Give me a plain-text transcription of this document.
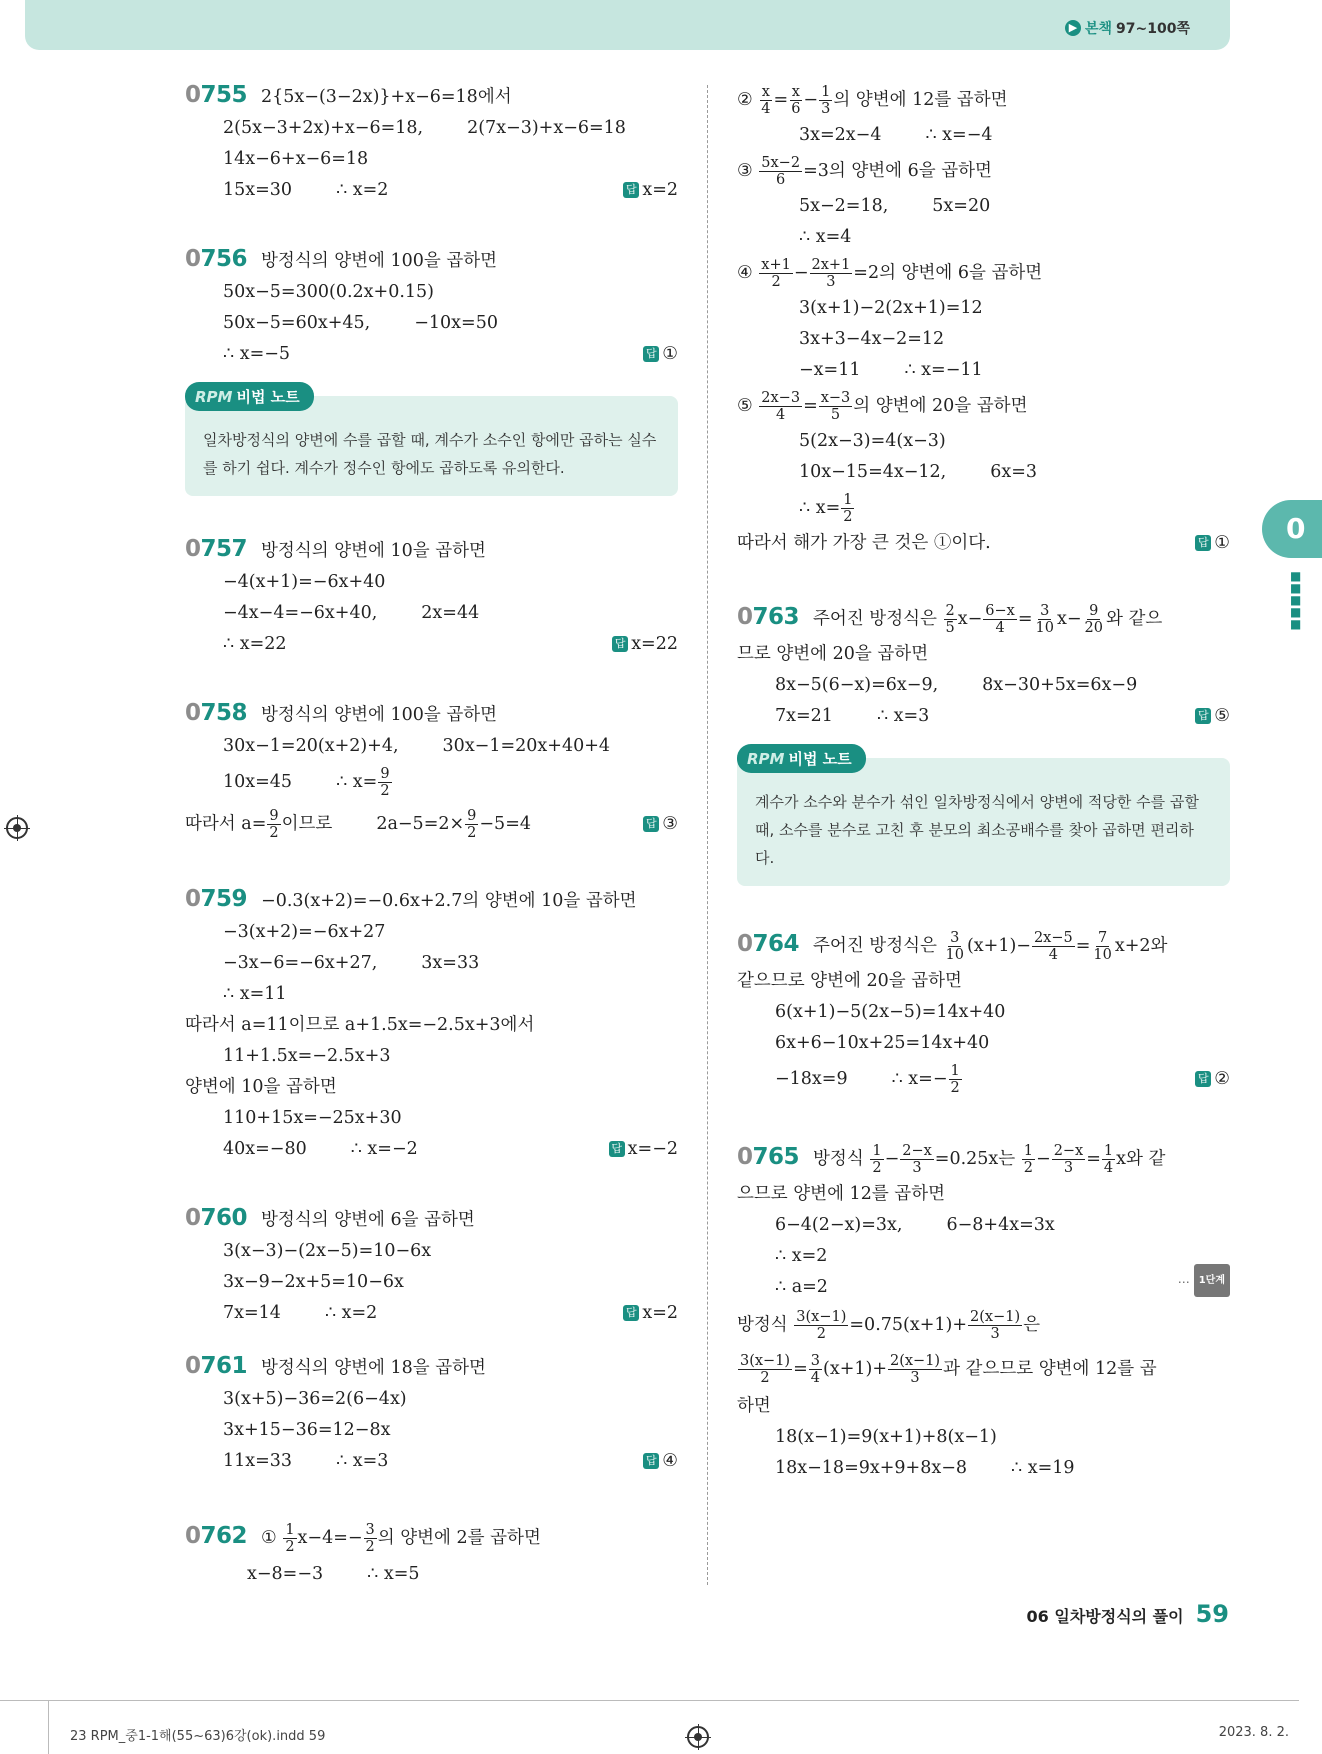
▶ 본책 97~100쪽
0755 2{5x−(3−2x)}+x−6=18에서
2(5x−3+2x)+x−6=18,	2(7x−3)+x−6=18
14x−6+x−6=18
15x=30	∴ x=2	답 x=2
0756 방정식의 양변에 100을 곱하면
50x−5=300(0.2x+0.15)
50x−5=60x+45,	−10x=50
∴ x=−5	답 ①
RPM 비법 노트
일차방정식의 양변에 수를 곱할 때, 계수가 소수인 항에만 곱하는 실수를 하기 쉽다. 계수가 정수인 항에도 곱하도록 유의한다.
0757 방정식의 양변에 10을 곱하면
−4(x+1)=−6x+40
−4x−4=−6x+40,	2x=44
∴ x=22	답 x=22
0758 방정식의 양변에 100을 곱하면
30x−1=20(x+2)+4,	30x−1=20x+40+4
10x=45	∴ $x= \frac{9}{2}$
따라서 $a= \frac{9}{2}$ 이므로	$2a-5=2\times \frac{9}{2} -5=4$	답 ③
0759 −0.3(x+2)=−0.6x+2.7의 양변에 10을 곱하면
−3(x+2)=−6x+27
−3x−6=−6x+27,	3x=33
∴ x=11
따라서 a=11이므로 a+1.5x=−2.5x+3에서
11+1.5x=−2.5x+3
양변에 10을 곱하면
110+15x=−25x+30
40x=−80	∴ x=−2	답 x=−2
0760 방정식의 양변에 6을 곱하면
3(x−3)−(2x−5)=10−6x
3x−9−2x+5=10−6x
7x=14	∴ x=2	답 x=2
0761 방정식의 양변에 18을 곱하면
3(x+5)−36=2(6−4x)
3x+15−36=12−8x
11x=33	∴ x=3	답 ④
0762 ① $\frac{1}{2} x-4=- \frac{3}{2}$ 의 양변에 2를 곱하면
x−8=−3	∴ x=5
② $\frac{x}{4} = \frac{x}{6} - \frac{1}{3}$ 의 양변에 12를 곱하면
3x=2x−4	∴ x=−4
③ $\frac{5x-2}{6} =3$의 양변에 6을 곱하면
5x−2=18,	5x=20
∴ x=4
④ $\frac{x+1}{2} - \frac{2x+1}{3} =2$의 양변에 6을 곱하면
3(x+1)−2(2x+1)=12
3x+3−4x−2=12
−x=11	∴ x=−11
⑤ $\frac{2x-3}{4} = \frac{x-3}{5}$ 의 양변에 20을 곱하면
5(2x−3)=4(x−3)
10x−15=4x−12,	6x=3
∴ $x= \frac{1}{2}$
따라서 해가 가장 큰 것은 ①이다.	답 ①
0763 주어진 방정식은 $\frac{2}{5} x- \frac{6-x}{4} = \frac{3}{10} x- \frac{9}{20}$ 와 같으
므로 양변에 20을 곱하면
8x−5(6−x)=6x−9,	8x−30+5x=6x−9
7x=21	∴ x=3	답 ⑤
RPM 비법 노트
계수가 소수와 분수가 섞인 일차방정식에서 양변에 적당한 수를 곱할 때, 소수를 분수로 고친 후 분모의 최소공배수를 찾아 곱하면 편리하다.
0764 주어진 방정식은 $\frac{3}{10} (x+1)- \frac{2x-5}{4} = \frac{7}{10} x+2$와
같으므로 양변에 20을 곱하면
6(x+1)−5(2x−5)=14x+40
6x+6−10x+25=14x+40
−18x=9	∴ $x=- \frac{1}{2}$	답 ②
0765 방정식 $\frac{1}{2} - \frac{2-x}{3} =0.25x$는 $\frac{1}{2} - \frac{2-x}{3} = \frac{1}{4}$ x와 같
으므로 양변에 12를 곱하면
6−4(2−x)=3x,	6−8+4x=3x
∴ x=2
∴ a=2	… 1단계
방정식 $\frac{3(x-1)}{2} =0.75(x+1)+ \frac{2(x-1)}{3}$ 은
$\frac{3(x-1)}{2} = \frac{3}{4} (x+1)+ \frac{2(x-1)}{3}$ 과 같으므로 양변에 12를 곱
하면
18(x−1)=9(x+1)+8(x−1)
18x−18=9x+9+8x−8	∴ x=19
0
■
■
■
■
■
06 일차방정식의 풀이 59
23 RPM_중1-1해(55~63)6강(ok).indd 59	2023. 8. 2.
